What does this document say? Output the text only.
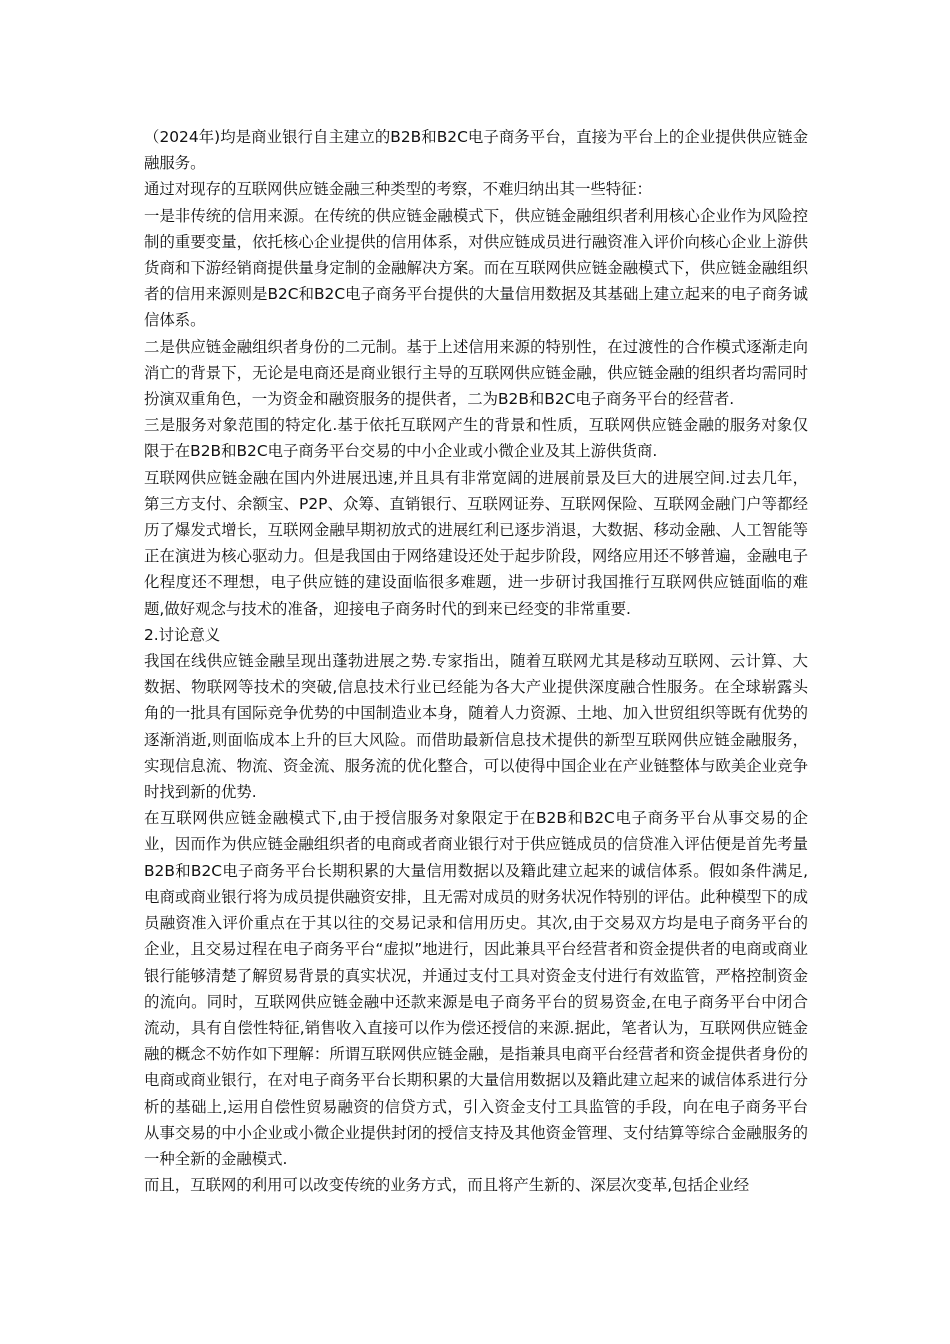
（2024年)均是商业银行自主建立的B2B和B2C电子商务平台，直接为平台上的企业提供供应链金融服务。

通过对现存的互联网供应链金融三种类型的考察，不难归纳出其一些特征：

一是非传统的信用来源。在传统的供应链金融模式下，供应链金融组织者利用核心企业作为风险控制的重要变量，依托核心企业提供的信用体系，对供应链成员进行融资准入评价向核心企业上游供货商和下游经销商提供量身定制的金融解决方案。而在互联网供应链金融模式下，供应链金融组织者的信用来源则是B2C和B2C电子商务平台提供的大量信用数据及其基础上建立起来的电子商务诚信体系。

二是供应链金融组织者身份的二元制。基于上述信用来源的特别性，在过渡性的合作模式逐渐走向消亡的背景下，无论是电商还是商业银行主导的互联网供应链金融，供应链金融的组织者均需同时扮演双重角色，一为资金和融资服务的提供者，二为B2B和B2C电子商务平台的经营者.

三是服务对象范围的特定化.基于依托互联网产生的背景和性质，互联网供应链金融的服务对象仅限于在B2B和B2C电子商务平台交易的中小企业或小微企业及其上游供货商.

互联网供应链金融在国内外进展迅速,并且具有非常宽阔的进展前景及巨大的进展空间.过去几年，第三方支付、余额宝、P2P、众筹、直销银行、互联网证券、互联网保险、互联网金融门户等都经历了爆发式增长，互联网金融早期初放式的进展红利已逐步消退，大数据、移动金融、人工智能等正在演进为核心驱动力。但是我国由于网络建设还处于起步阶段，网络应用还不够普遍，金融电子化程度还不理想，电子供应链的建设面临很多难题，进一步研讨我国推行互联网供应链面临的难题,做好观念与技术的准备，迎接电子商务时代的到来已经变的非常重要.

2.讨论意义

我国在线供应链金融呈现出蓬勃进展之势.专家指出，随着互联网尤其是移动互联网、云计算、大数据、物联网等技术的突破,信息技术行业已经能为各大产业提供深度融合性服务。在全球崭露头角的一批具有国际竞争优势的中国制造业本身，随着人力资源、土地、加入世贸组织等既有优势的逐渐消逝,则面临成本上升的巨大风险。而借助最新信息技术提供的新型互联网供应链金融服务，实现信息流、物流、资金流、服务流的优化整合，可以使得中国企业在产业链整体与欧美企业竞争时找到新的优势.

在互联网供应链金融模式下,由于授信服务对象限定于在B2B和B2C电子商务平台从事交易的企业，因而作为供应链金融组织者的电商或者商业银行对于供应链成员的信贷准入评估便是首先考量B2B和B2C电子商务平台长期积累的大量信用数据以及籍此建立起来的诚信体系。假如条件满足,电商或商业银行将为成员提供融资安排，且无需对成员的财务状况作特别的评估。此种模型下的成员融资准入评价重点在于其以往的交易记录和信用历史。其次,由于交易双方均是电子商务平台的企业，且交易过程在电子商务平台“虚拟”地进行，因此兼具平台经营者和资金提供者的电商或商业银行能够清楚了解贸易背景的真实状况，并通过支付工具对资金支付进行有效监管，严格控制资金的流向。同时，互联网供应链金融中还款来源是电子商务平台的贸易资金,在电子商务平台中闭合流动，具有自偿性特征,销售收入直接可以作为偿还授信的来源.据此，笔者认为，互联网供应链金融的概念不妨作如下理解：所谓互联网供应链金融，是指兼具电商平台经营者和资金提供者身份的电商或商业银行，在对电子商务平台长期积累的大量信用数据以及籍此建立起来的诚信体系进行分析的基础上,运用自偿性贸易融资的信贷方式，引入资金支付工具监管的手段，向在电子商务平台从事交易的中小企业或小微企业提供封闭的授信支持及其他资金管理、支付结算等综合金融服务的一种全新的金融模式.

而且，互联网的利用可以改变传统的业务方式，而且将产生新的、深层次变革,包括企业经
